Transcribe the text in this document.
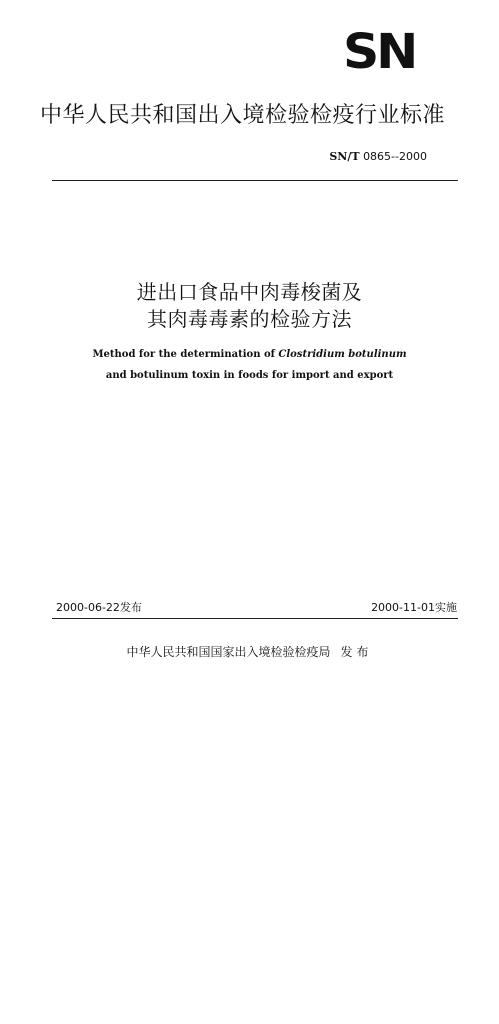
SN
中华人民共和国出入境检验检疫行业标准
SN/T 0865--2000
进出口食品中肉毒梭菌及
其肉毒毒素的检验方法
Method for the determination of Clostridium botulinum
and botulinum toxin in foods for import and export
2000-06-22发布	2000-11-01实施
中华人民共和国国家出入境检验检疫局 发布
